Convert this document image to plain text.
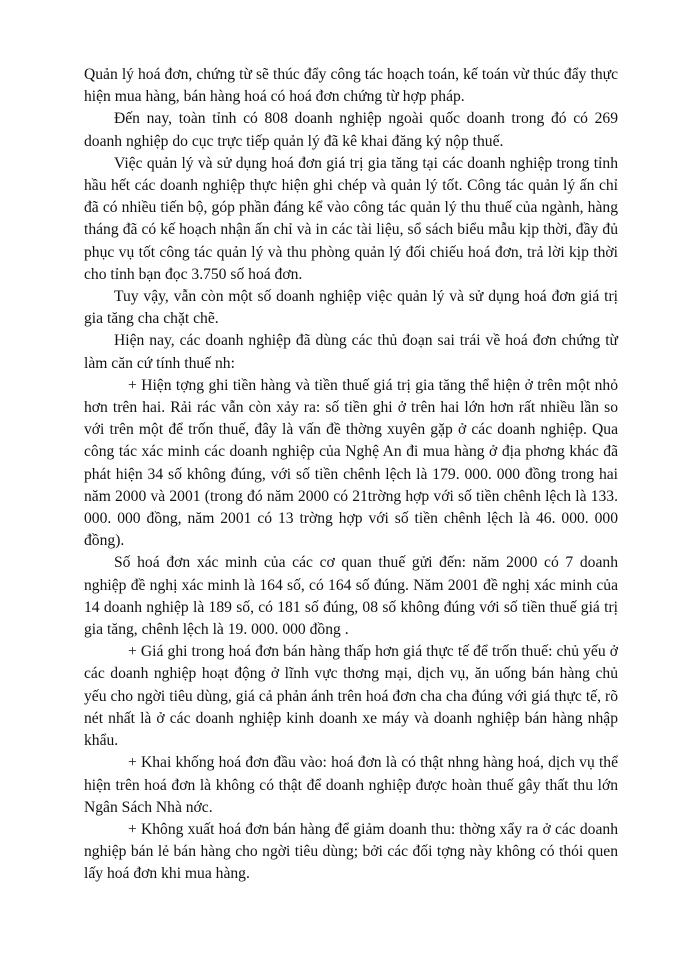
Quản lý hoá đơn, chứng từ sẽ thúc đẩy công tác hoạch toán, kế toán vừ thúc đẩy thực hiện mua hàng, bán hàng hoá có hoá đơn chứng từ hợp pháp.

Đến nay, toàn tỉnh có 808 doanh nghiệp ngoài quốc doanh trong đó có 269 doanh nghiệp do cục trực tiếp quản lý đã kê khai đăng ký nộp thuế.

Việc quản lý và sử dụng hoá đơn giá trị gia tăng tại các doanh nghiệp trong tỉnh hầu hết các doanh nghiệp thực hiện ghi chép và quản lý tốt. Công tác quản lý ấn chỉ đã có nhiều tiến bộ, góp phần đáng kể vào công tác quản lý thu thuế của ngành, hàng tháng đã có kế hoạch nhận ấn chỉ và in các tài liệu, sổ sách biểu mẫu kịp thời, đầy đủ phục vụ tốt công tác quản lý và thu phòng quản lý đối chiếu hoá đơn, trả lời kịp thời cho tỉnh bạn đọc 3.750 số hoá đơn.

Tuy vậy, vẫn còn một số doanh nghiệp việc quản lý và sử dụng hoá đơn giá trị gia tăng cha chặt chẽ.

Hiện nay, các doanh nghiệp đã dùng các thủ đoạn sai trái về hoá đơn chứng từ làm căn cứ tính thuế nh:

+ Hiện tợng ghi tiền hàng và tiền thuế giá trị gia tăng thể hiện ở trên một nhỏ hơn trên hai. Rải rác vẫn còn xảy ra: số tiền ghi ở trên hai lớn hơn rất nhiều lần so với trên một để trốn thuế, đây là vấn đề thờng xuyên gặp ở các doanh nghiệp. Qua công tác xác minh các doanh nghiệp của Nghệ An đi mua hàng ở địa phơng khác đã phát hiện 34 số không đúng, với số tiền chênh lệch là 179. 000. 000 đồng trong hai năm 2000 và 2001 (trong đó năm 2000 có 21trờng hợp với số tiền chênh lệch là 133. 000. 000 đồng, năm 2001 có 13 trờng hợp với số tiền chênh lệch là 46. 000. 000 đồng).

Số hoá đơn xác minh của các cơ quan thuế gửi đến: năm 2000 có 7 doanh nghiệp đề nghị xác minh là 164 số, có 164 số đúng. Năm 2001 đề nghị xác minh của 14 doanh nghiệp là 189 số, có 181 số đúng, 08 số không đúng với số tiền thuế giá trị gia tăng, chênh lệch là 19. 000. 000 đồng .

+ Giá ghi trong hoá đơn bán hàng thấp hơn giá thực tế để trốn thuế: chủ yếu ở các doanh nghiệp hoạt động ở lĩnh vực thơng mại, dịch vụ, ăn uống bán hàng chủ yếu cho ngời tiêu dùng, giá cả phản ánh trên hoá đơn cha cha đúng với giá thực tế, rõ nét nhất là ở các doanh nghiệp kinh doanh xe máy và doanh nghiệp bán hàng nhập khẩu.

+ Khai khống hoá đơn đầu vào: hoá đơn là có thật nhng hàng hoá, dịch vụ thể hiện trên hoá đơn là không có thật để doanh nghiệp được hoàn thuế gây thất thu lớn Ngân Sách Nhà nớc.

+ Không xuất hoá đơn bán hàng để giảm doanh thu: thờng xẩy ra ở các doanh nghiệp bán lẻ bán hàng cho ngời tiêu dùng; bởi các đối tợng này không có thói quen lấy hoá đơn khi mua hàng.
